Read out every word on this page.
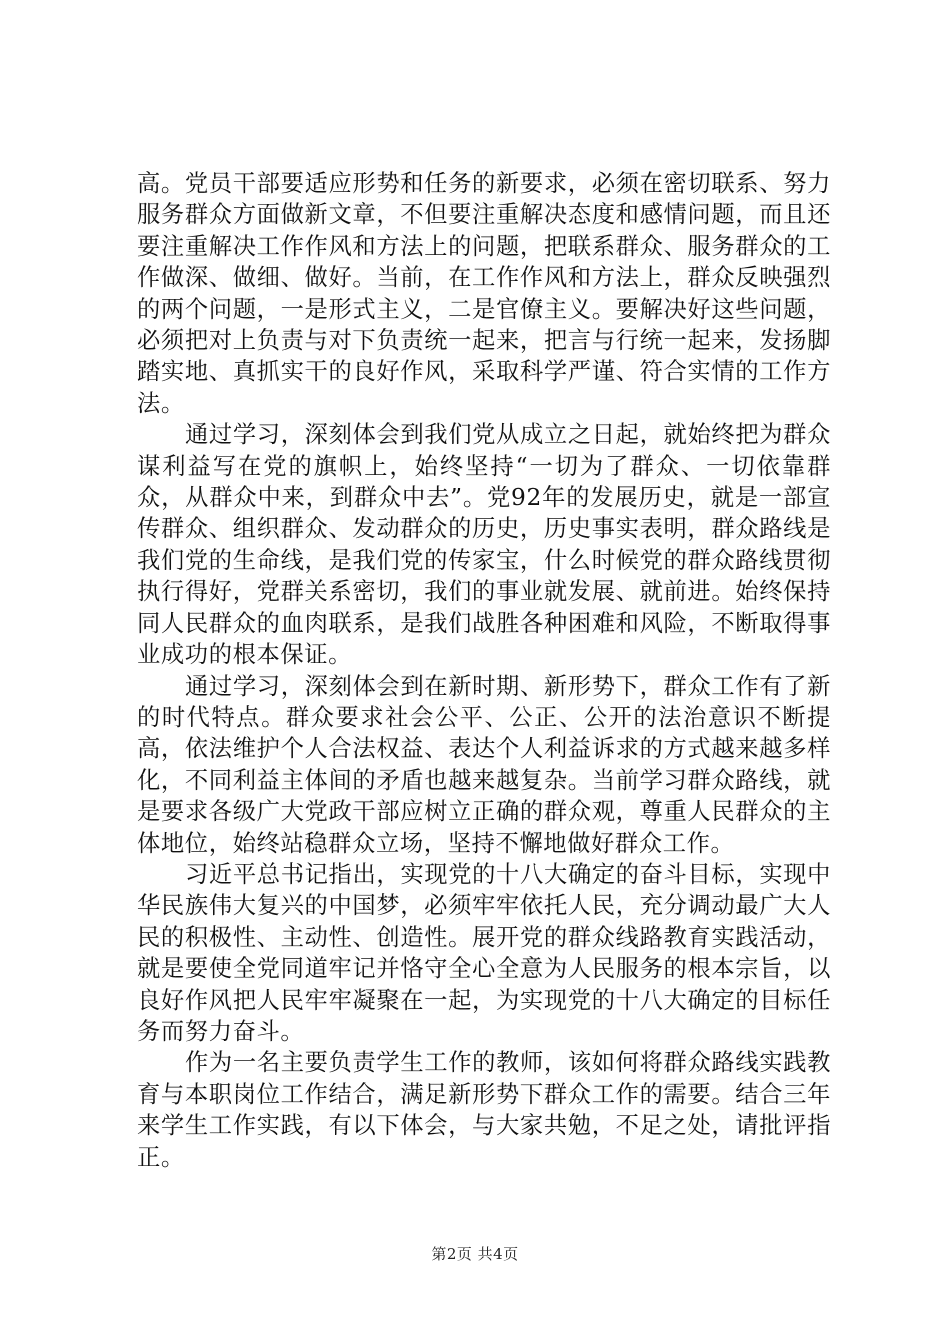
高。党员干部要适应形势和任务的新要求，必须在密切联系、努力服务群众方面做新文章，不但要注重解决态度和感情问题，而且还要注重解决工作作风和方法上的问题，把联系群众、服务群众的工作做深、做细、做好。当前，在工作作风和方法上，群众反映强烈的两个问题，一是形式主义，二是官僚主义。要解决好这些问题，必须把对上负责与对下负责统一起来，把言与行统一起来，发扬脚踏实地、真抓实干的良好作风，采取科学严谨、符合实情的工作方法。

通过学习，深刻体会到我们党从成立之日起，就始终把为群众谋利益写在党的旗帜上，始终坚持“一切为了群众、一切依靠群众，从群众中来，到群众中去”。党92年的发展历史，就是一部宣传群众、组织群众、发动群众的历史，历史事实表明，群众路线是我们党的生命线，是我们党的传家宝，什么时候党的群众路线贯彻执行得好，党群关系密切，我们的事业就发展、就前进。始终保持同人民群众的血肉联系，是我们战胜各种困难和风险，不断取得事业成功的根本保证。

通过学习，深刻体会到在新时期、新形势下，群众工作有了新的时代特点。群众要求社会公平、公正、公开的法治意识不断提高，依法维护个人合法权益、表达个人利益诉求的方式越来越多样化，不同利益主体间的矛盾也越来越复杂。当前学习群众路线，就是要求各级广大党政干部应树立正确的群众观，尊重人民群众的主体地位，始终站稳群众立场，坚持不懈地做好群众工作。

习近平总书记指出，实现党的十八大确定的奋斗目标，实现中华民族伟大复兴的中国梦，必须牢牢依托人民，充分调动最广大人民的积极性、主动性、创造性。展开党的群众线路教育实践活动，就是要使全党同道牢记并恪守全心全意为人民服务的根本宗旨，以良好作风把人民牢牢凝聚在一起，为实现党的十八大确定的目标任务而努力奋斗。

作为一名主要负责学生工作的教师，该如何将群众路线实践教育与本职岗位工作结合，满足新形势下群众工作的需要。结合三年来学生工作实践，有以下体会，与大家共勉，不足之处，请批评指正。

第2页 共4页
